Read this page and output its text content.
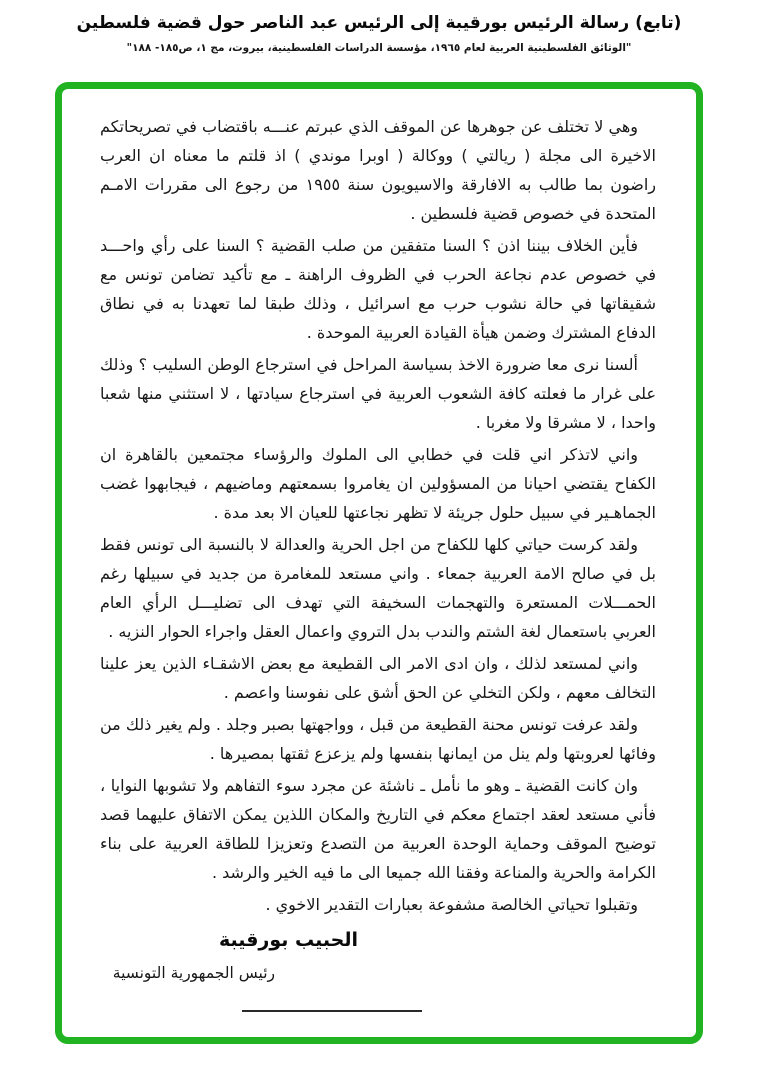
(تابع) رسالة الرئيس بورقيبة إلى الرئيس عبد الناصر حول قضية فلسطين
"الوثائق الفلسطينية العربية لعام ١٩٦٥، مؤسسة الدراسات الفلسطينية، بيروت، مج ١، ص١٨٥- ١٨٨"

وهي لا تختلف عن جوهرها عن الموقف الذي عبرتم عنـــه باقتضاب في تصريحاتكم الاخيرة الى مجلة ( ريالتي ) ووكالة ( اوبرا موندي ) اذ قلتم ما معناه ان العرب راضون بما طالب به الافارقة والاسيويون سنة ١٩٥٥ من رجوع الى مقررات الامـم المتحدة في خصوص قضية فلسطين .

فأين الخلاف بيننا اذن ؟ السنا متفقين من صلب القضية ؟ السنا على رأي واحـــد في خصوص عدم نجاعة الحرب في الظروف الراهنة ـ مع تأكيد تضامن تونس مع شقيقاتها في حالة نشوب حرب مع اسرائيل ، وذلك طبقا لما تعهدنا به في نطاق الدفاع المشترك وضمن هيأة القيادة العربية الموحدة .

ألسنا نرى معا ضرورة الاخذ بسياسة المراحل في استرجاع الوطن السليب ؟ وذلك على غرار ما فعلته كافة الشعوب العربية في استرجاع سيادتها ، لا استثني منها شعبا واحدا ، لا مشرقا ولا مغربا .

واني لاتذكر اني قلت في خطابي الى الملوك والرؤساء مجتمعين بالقاهرة ان الكفاح يقتضي احيانا من المسؤولين ان يغامروا بسمعتهم وماضيهم ، فيجابهوا غضب الجماهـير في سبيل حلول جريئة لا تظهر نجاعتها للعيان الا بعد مدة .

ولقد كرست حياتي كلها للكفاح من اجل الحرية والعدالة لا بالنسبة الى تونس فقط بل في صالح الامة العربية جمعاء . واني مستعد للمغامرة من جديد في سبيلها رغم الحمـــلات المستعرة والتهجمات السخيفة التي تهدف الى تضليـــل الرأي العام العربي باستعمال لغة الشتم والندب بدل التروي واعمال العقل واجراء الحوار النزيه .

واني لمستعد لذلك ، وان ادى الامر الى القطيعة مع بعض الاشقـاء الذين يعز علينا التخالف معهم ، ولكن التخلي عن الحق أشق على نفوسنا واعصم .

ولقد عرفت تونس محنة القطيعة من قبل ، وواجهتها بصبر وجلد . ولم يغير ذلك من وفائها لعروبتها ولم ينل من ايمانها بنفسها ولم يزعزع ثقتها بمصيرها .

وان كانت القضية ـ وهو ما نأمل ـ ناشئة عن مجرد سوء التفاهم ولا تشوبها النوايا ، فأني مستعد لعقد اجتماع معكم في التاريخ والمكان اللذين يمكن الاتفاق عليهما قصد توضيح الموقف وحماية الوحدة العربية من التصدع وتعزيزا للطاقة العربية على بناء الكرامة والحرية والمناعة وفقنا الله جميعا الى ما فيه الخير والرشد .

وتقبلوا تحياتي الخالصة مشفوعة بعبارات التقدير الاخوي .

الحبيب بورقيبة
رئيس الجمهورية التونسية
